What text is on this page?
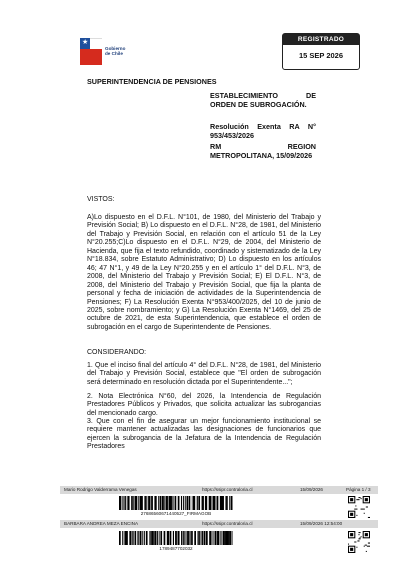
★
Gobierno
de Chile
REGISTRADO
15 SEP 2026
SUPERINTENDENCIA DE PENSIONES
ESTABLECIMIENTO DE ORDEN DE SUBROGACIÓN.
Resolución Exenta RA N° 953/453/2026
RM REGION METROPOLITANA, 15/09/2026
VISTOS:
A)Lo dispuesto en el D.F.L. N°101, de 1980, del Ministerio del Trabajo y Previsión Social; B) Lo dispuesto en el D.F.L. N°28, de 1981, del Ministerio del Trabajo y Previsión Social, en relación con el artículo 51 de la Ley N°20.255;C)Lo dispuesto en el D.F.L. N°29, de 2004, del Ministerio de Hacienda, que fija el texto refundido, coordinado y sistematizado de la Ley N°18.834, sobre Estatuto Administrativo; D) Lo dispuesto en los artículos 46; 47 N°1, y 49 de la Ley N°20.255 y en el artículo 1° del D.F.L. N°3, de 2008, del Ministerio del Trabajo y Previsión Social; E) El D.F.L. N°3, de 2008, del Ministerio del Trabajo y Previsión Social, que fija la planta de personal y fecha de iniciación de actividades de la Superintendencia de Pensiones; F) La Resolución Exenta N°953/400/2025, del 10 de junio de 2025, sobre nombramiento; y G) La Resolución Exenta N°1469, del 25 de octubre de 2021, de esta Superintendencia, que establece el orden de subrogación en el cargo de Superintendente de Pensiones.
CONSIDERANDO:
1. Que el inciso final del artículo 4° del D.F.L. N°28, de 1981, del Ministerio del Trabajo y Previsión Social, establece que "El orden de subrogación será determinado en resolución dictada por el Superintendente...";
2. Nota Electrónica N°60, del 2026, la Intendencia de Regulación Prestadores Públicos y Privados, que solicita actualizar las subrogancias del mencionado cargo.
3. Que con el fin de asegurar un mejor funcionamiento institucional se requiere mantener actualizadas las designaciones de funcionarios que ejercen la subrogancia de la Jefatura de la Intendencia de Regulación Prestadores
Mario Rodrigo Valderrama Venegas	https://ssipr.contraloria.cl	15/09/2026	Página 1 / 3
27686560671440527_FIRMAGOB
BARBARA ANDREA MEZA ENCINA	https://ssipr.contraloria.cl	15/09/2026 12:54:00
1789487702032
